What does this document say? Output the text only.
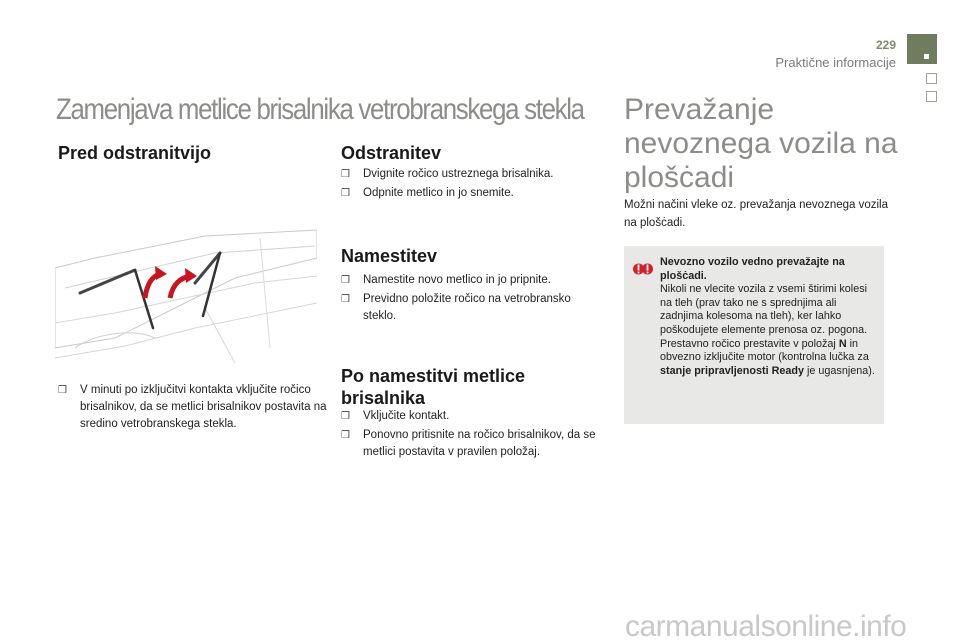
229
Praktične informacije
Zamenjava metlice brisalnika vetrobranskega stekla
Pred odstranitvijo
❒ V minuti po izključitvi kontakta vključite ročico brisalnikov, da se metlici brisalnikov postavita na sredino vetrobranskega stekla.
Odstranitev
❒ Dvignite ročico ustreznega brisalnika.
❒ Odpnite metlico in jo snemite.
Namestitev
❒ Namestite novo metlico in jo pripnite.
❒ Previdno položite ročico na vetrobransko steklo.
Po namestitvi metlice brisalnika
❒ Vključite kontakt.
❒ Ponovno pritisnite na ročico brisalnikov, da se metlici postavita v pravilen položaj.
Prevažanje nevoznega vozila na plošċadi
Možni načini vleke oz. prevažanja nevoznega vozila na plošċadi.
Nevozno vozilo vedno prevažajte na plošċadi.
Nikoli ne vlecite vozila z vsemi štirimi kolesi na tleh (prav tako ne s sprednjima ali zadnjima kolesoma na tleh), ker lahko poškodujete elemente prenosa oz. pogona.
Prestavno ročico prestavite v položaj N in obvezno izključite motor (kontrolna lučka za stanje pripravljenosti Ready je ugasnjena).
carmanualsonline.info
